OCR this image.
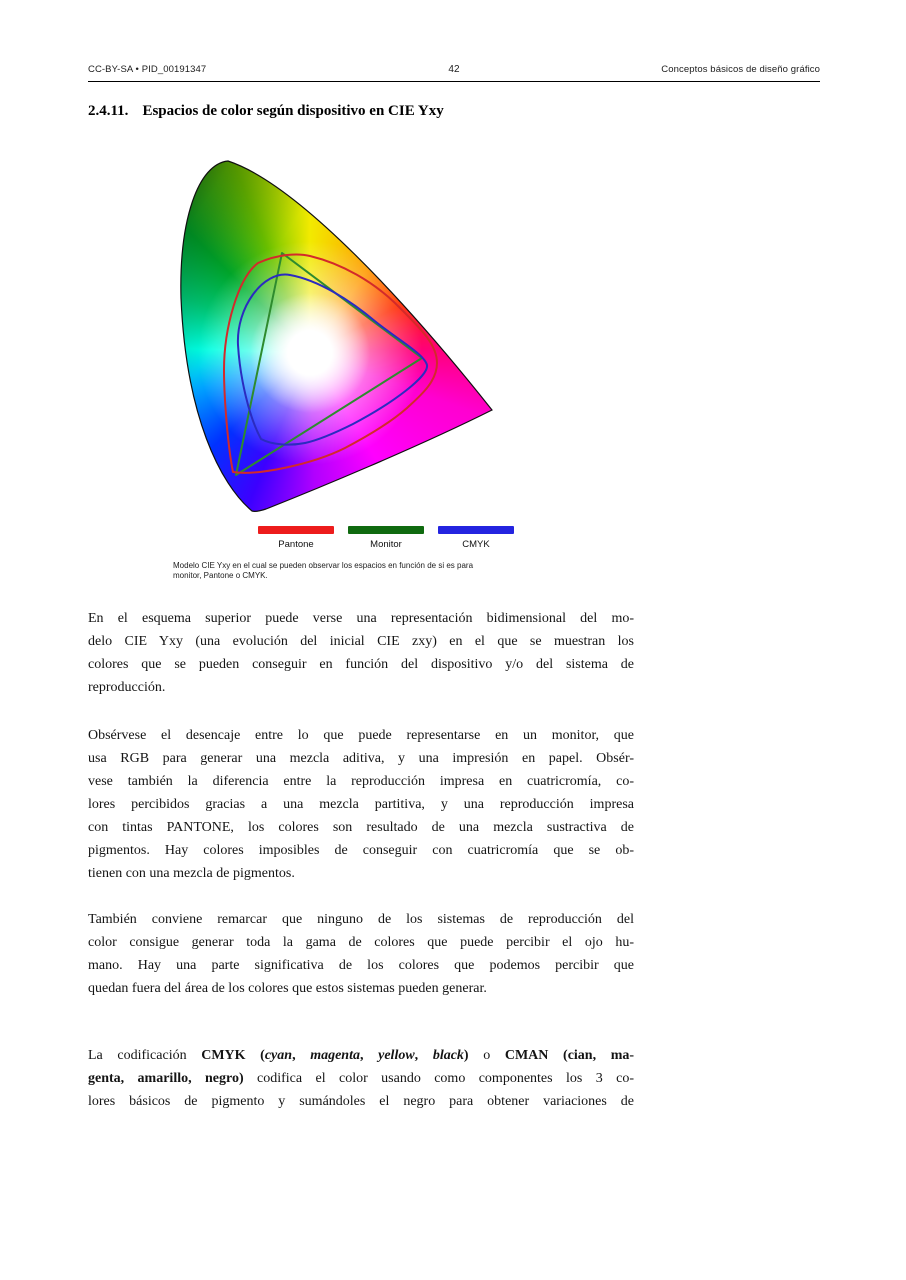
CC-BY-SA • PID_00191347	42	Conceptos básicos de diseño gráfico
2.4.11. Espacios de color según dispositivo en CIE Yxy
Pantone	Monitor	CMYK
Modelo CIE Yxy en el cual se pueden observar los espacios en función de si es para
monitor, Pantone o CMYK.
En el esquema superior puede verse una representación bidimensional del mo-
delo CIE Yxy (una evolución del inicial CIE zxy) en el que se muestran los
colores que se pueden conseguir en función del dispositivo y/o del sistema de
reproducción.
Obsérvese el desencaje entre lo que puede representarse en un monitor, que
usa RGB para generar una mezcla aditiva, y una impresión en papel. Obsér-
vese también la diferencia entre la reproducción impresa en cuatricromía, co-
lores percibidos gracias a una mezcla partitiva, y una reproducción impresa
con tintas PANTONE, los colores son resultado de una mezcla sustractiva de
pigmentos. Hay colores imposibles de conseguir con cuatricromía que se ob-
tienen con una mezcla de pigmentos.
También conviene remarcar que ninguno de los sistemas de reproducción del
color consigue generar toda la gama de colores que puede percibir el ojo hu-
mano. Hay una parte significativa de los colores que podemos percibir que
quedan fuera del área de los colores que estos sistemas pueden generar.
La codificación CMYK (cyan, magenta, yellow, black) o CMAN (cian, ma-
genta, amarillo, negro) codifica el color usando como componentes los 3 co-
lores básicos de pigmento y sumándoles el negro para obtener variaciones de
